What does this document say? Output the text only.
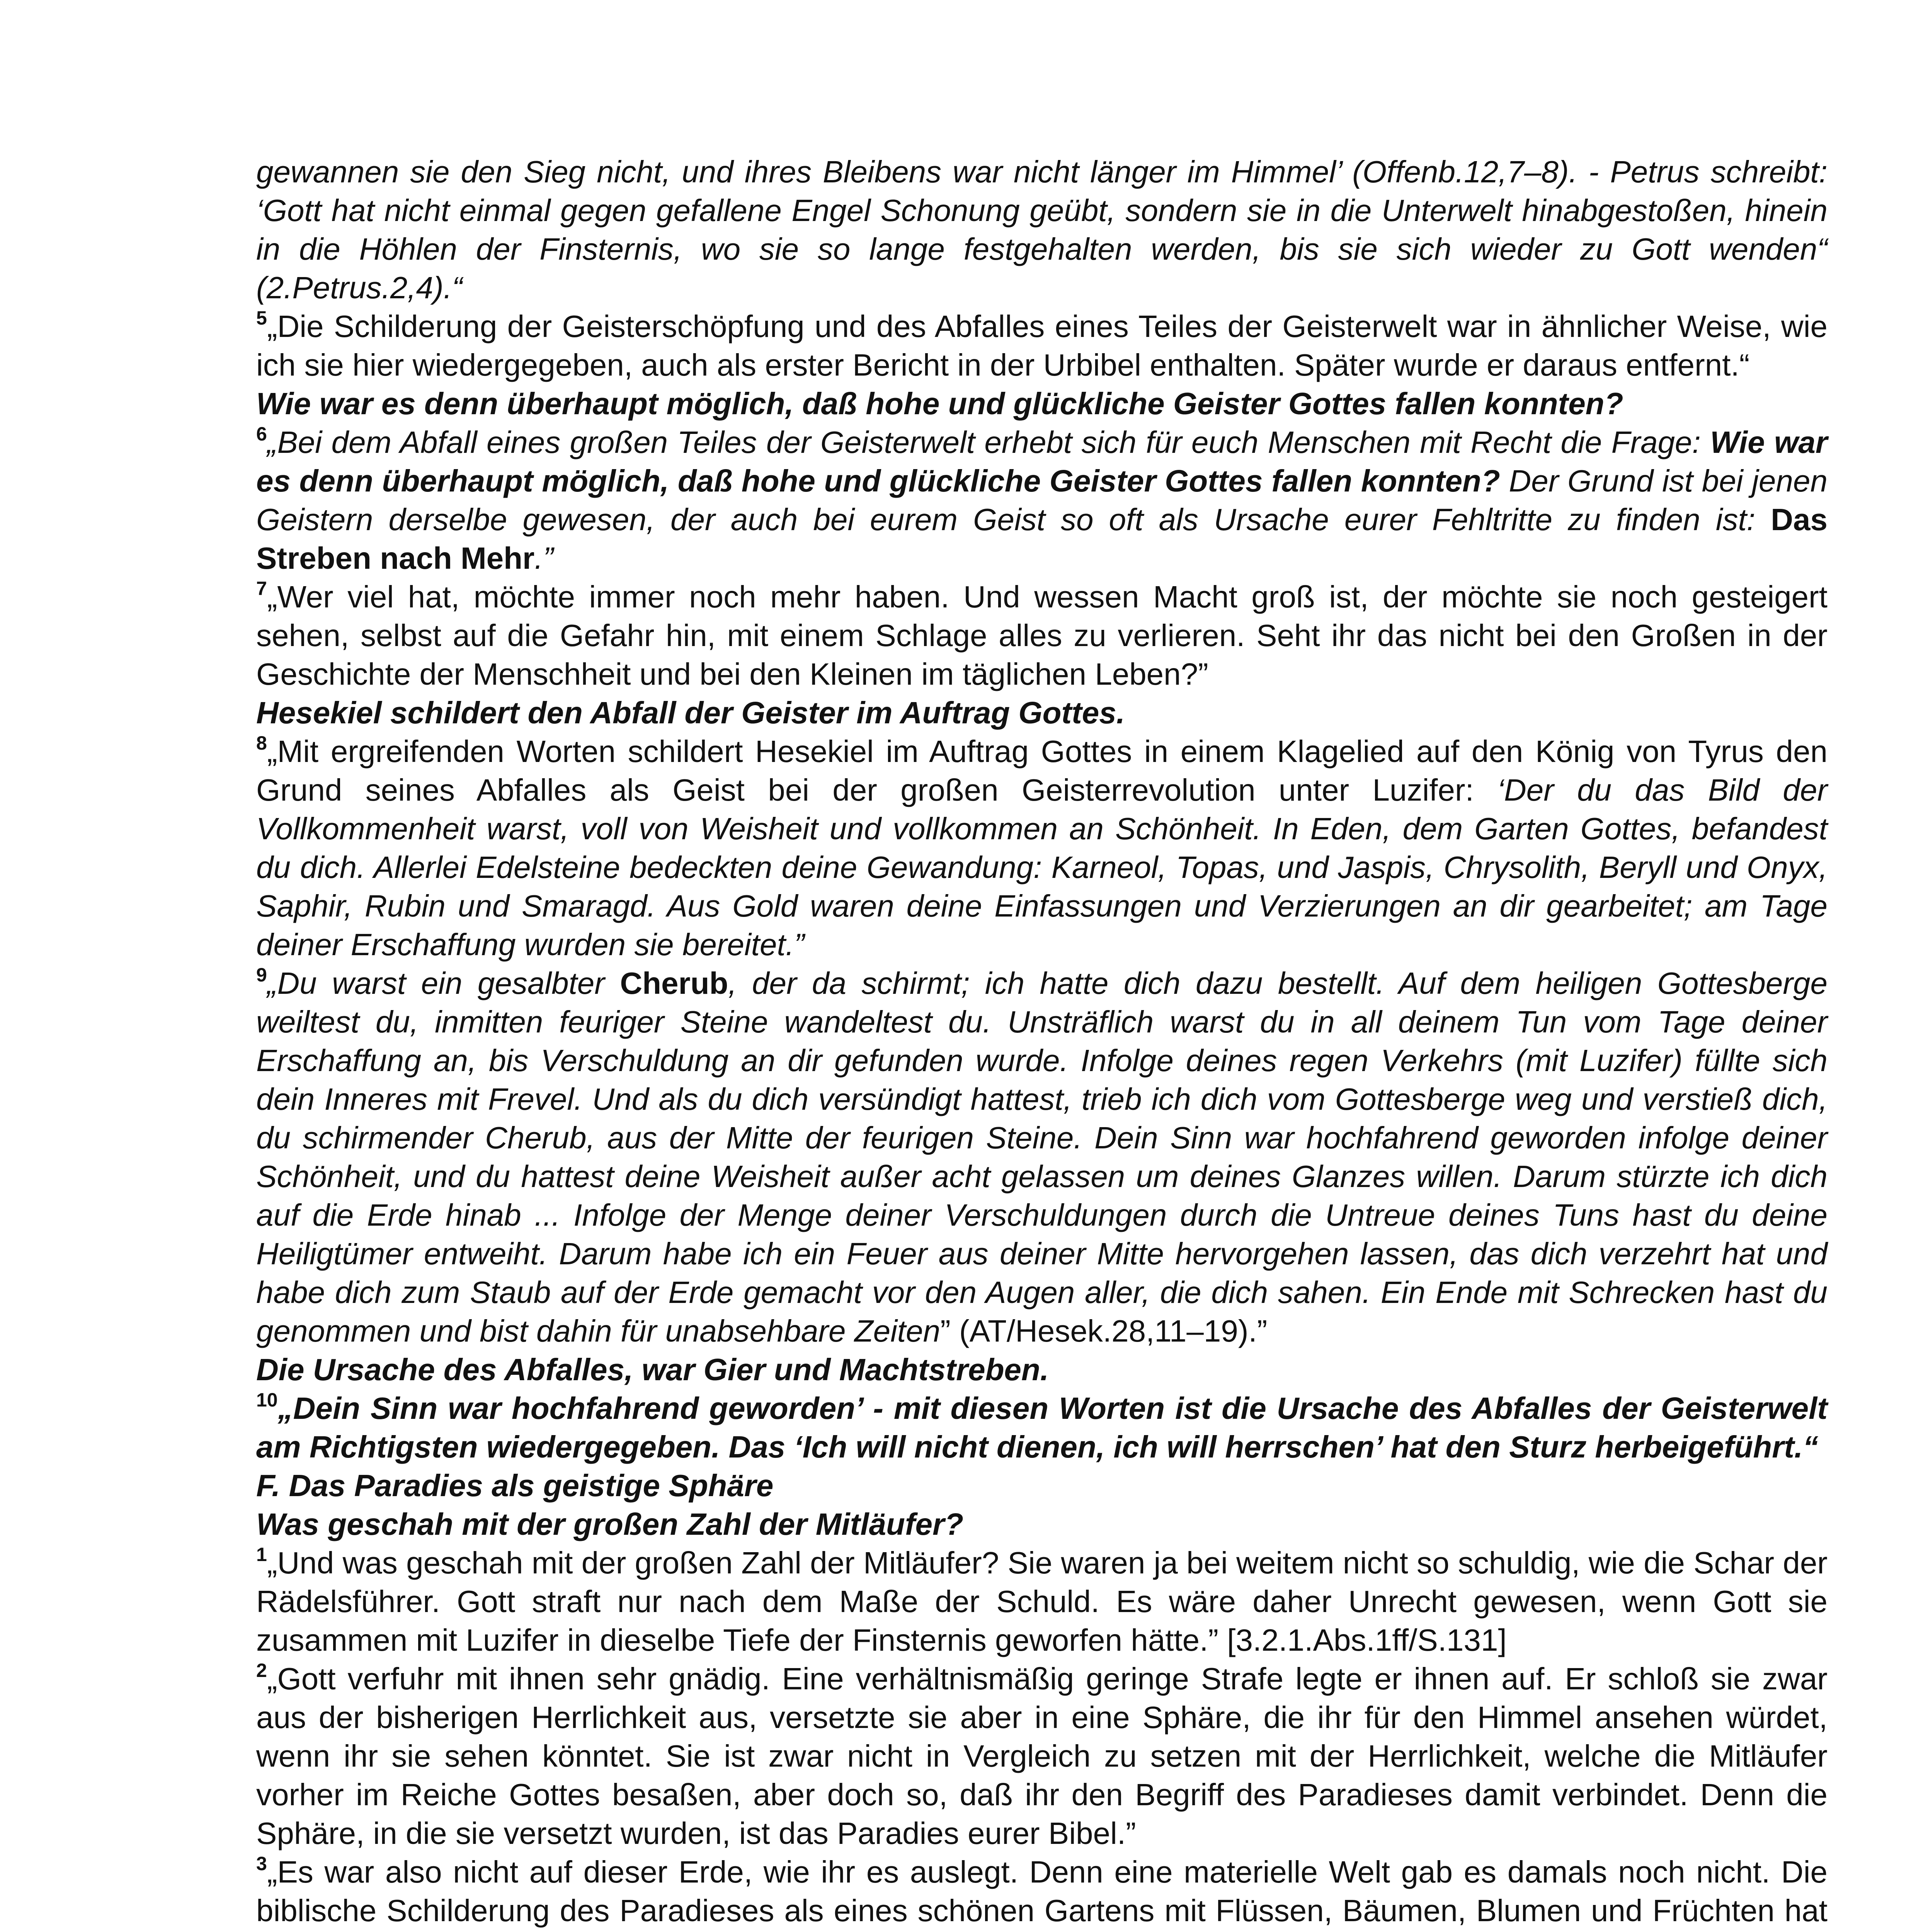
gewannen sie den Sieg nicht, und ihres Bleibens war nicht länger im Himmel’ (Offenb.12,7–8). - Petrus schreibt: ‘Gott hat nicht einmal gegen gefallene Engel Schonung geübt, sondern sie in die Unterwelt hinabgestoßen, hinein in die Höhlen der Finsternis, wo sie so lange festgehalten werden, bis sie sich wieder zu Gott wenden“ (2.Petrus.2,4).“

$^5$„Die Schilderung der Geisterschöpfung und des Abfalles eines Teiles der Geisterwelt war in ähnlicher Weise, wie ich sie hier wiedergegeben, auch als erster Bericht in der Urbibel enthalten. Später wurde er daraus entfernt.“

Wie war es denn überhaupt möglich, daß hohe und glückliche Geister Gottes fallen konnten?

$^6$„Bei dem Abfall eines großen Teiles der Geisterwelt erhebt sich für euch Menschen mit Recht die Frage: Wie war es denn überhaupt möglich, daß hohe und glückliche Geister Gottes fallen konnten? Der Grund ist bei jenen Geistern derselbe gewesen, der auch bei eurem Geist so oft als Ursache eurer Fehltritte zu finden ist: Das Streben nach Mehr.”

$^7$„Wer viel hat, möchte immer noch mehr haben. Und wessen Macht groß ist, der möchte sie noch gesteigert sehen, selbst auf die Gefahr hin, mit einem Schlage alles zu verlieren. Seht ihr das nicht bei den Großen in der Geschichte der Menschheit und bei den Kleinen im täglichen Leben?”

Hesekiel schildert den Abfall der Geister im Auftrag Gottes.

$^8$„Mit ergreifenden Worten schildert Hesekiel im Auftrag Gottes in einem Klagelied auf den König von Tyrus den Grund seines Abfalles als Geist bei der großen Geisterrevolution unter Luzifer: ‘Der du das Bild der Vollkommenheit warst, voll von Weisheit und vollkommen an Schönheit. In Eden, dem Garten Gottes, befandest du dich. Allerlei Edelsteine bedeckten deine Gewandung: Karneol, Topas, und Jaspis, Chrysolith, Beryll und Onyx, Saphir, Rubin und Smaragd. Aus Gold waren deine Einfassungen und Verzierungen an dir gearbeitet; am Tage deiner Erschaffung wurden sie bereitet.”

$^9$„Du warst ein gesalbter Cherub, der da schirmt; ich hatte dich dazu bestellt. Auf dem heiligen Gottesberge weiltest du, inmitten feuriger Steine wandeltest du. Unsträflich warst du in all deinem Tun vom Tage deiner Erschaffung an, bis Verschuldung an dir gefunden wurde. Infolge deines regen Verkehrs (mit Luzifer) füllte sich dein Inneres mit Frevel. Und als du dich versündigt hattest, trieb ich dich vom Gottesberge weg und verstieß dich, du schirmender Cherub, aus der Mitte der feurigen Steine. Dein Sinn war hochfahrend geworden infolge deiner Schönheit, und du hattest deine Weisheit außer acht gelassen um deines Glanzes willen. Darum stürzte ich dich auf die Erde hinab ... Infolge der Menge deiner Verschuldungen durch die Untreue deines Tuns hast du deine Heiligtümer entweiht. Darum habe ich ein Feuer aus deiner Mitte hervorgehen lassen, das dich verzehrt hat und habe dich zum Staub auf der Erde gemacht vor den Augen aller, die dich sahen. Ein Ende mit Schrecken hast du genommen und bist dahin für unabsehbare Zeiten” (AT/Hesek.28,11–19).”

Die Ursache des Abfalles, war Gier und Machtstreben.

$^{10}$„Dein Sinn war hochfahrend geworden’ - mit diesen Worten ist die Ursache des Abfalles der Geisterwelt am Richtigsten wiedergegeben. Das ‘Ich will nicht dienen, ich will herrschen’ hat den Sturz herbeigeführt.“

F. Das Paradies als geistige Sphäre

Was geschah mit der großen Zahl der Mitläufer?

$^1$„Und was geschah mit der großen Zahl der Mitläufer? Sie waren ja bei weitem nicht so schuldig, wie die Schar der Rädelsführer. Gott straft nur nach dem Maße der Schuld. Es wäre daher Unrecht gewesen, wenn Gott sie zusammen mit Luzifer in dieselbe Tiefe der Finsternis geworfen hätte.” [3.2.1.Abs.1ff/S.131]

$^2$„Gott verfuhr mit ihnen sehr gnädig. Eine verhältnismäßig geringe Strafe legte er ihnen auf. Er schloß sie zwar aus der bisherigen Herrlichkeit aus, versetzte sie aber in eine Sphäre, die ihr für den Himmel ansehen würdet, wenn ihr sie sehen könntet. Sie ist zwar nicht in Vergleich zu setzen mit der Herrlichkeit, welche die Mitläufer vorher im Reiche Gottes besaßen, aber doch so, daß ihr den Begriff des Paradieses damit verbindet. Denn die Sphäre, in die sie versetzt wurden, ist das Paradies eurer Bibel.”

$^3$„Es war also nicht auf dieser Erde, wie ihr es auslegt. Denn eine materielle Welt gab es damals noch nicht. Die biblische Schilderung des Paradieses als eines schönen Gartens mit Flüssen, Bäumen, Blumen und Früchten hat
